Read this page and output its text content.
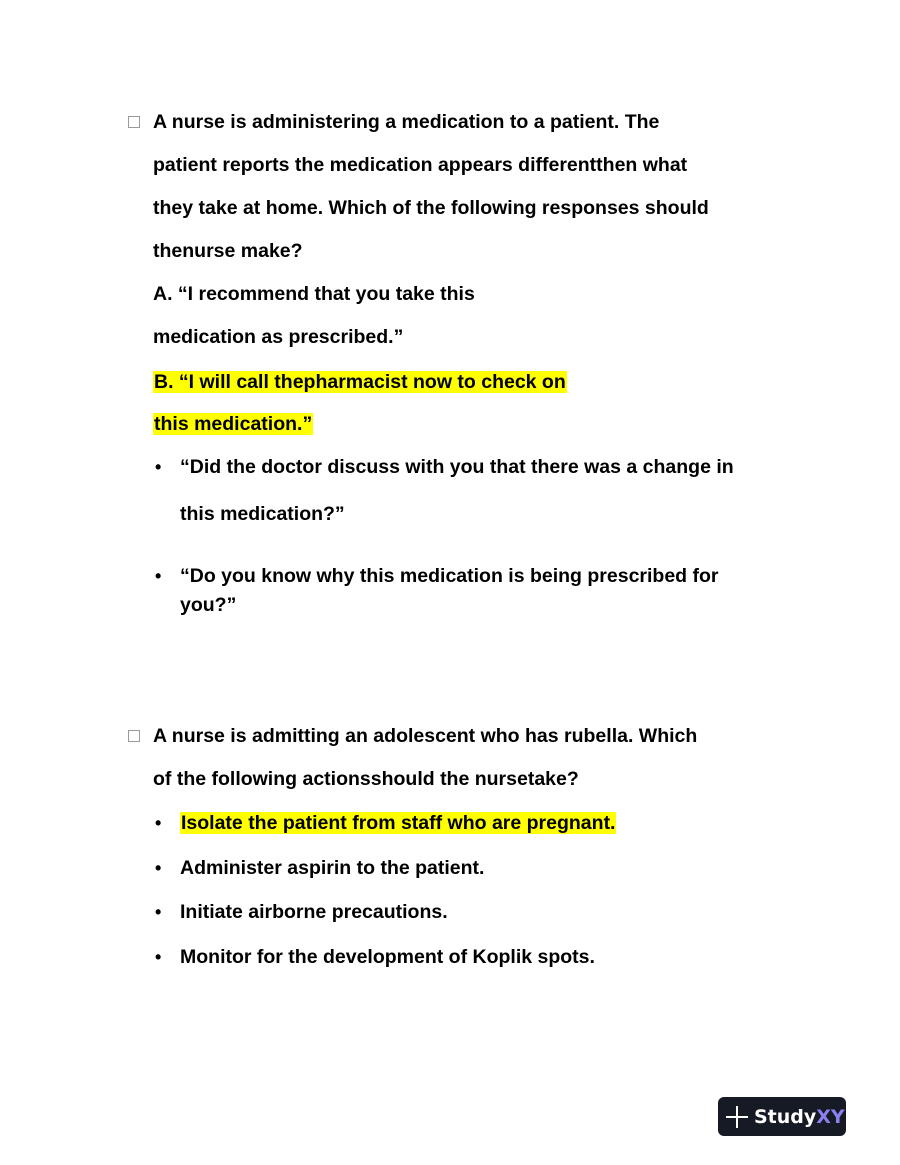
A nurse is administering a medication to a patient. The
patient reports the medication appears differentthen what
they take at home. Which of the following responses should
thenurse make?
A. “I recommend that you take this
medication as prescribed.”
B. “I will call thepharmacist now to check on
this medication.”
• “Did the doctor discuss with you that there was a change in
this medication?”
• “Do you know why this medication is being prescribed for
you?”
A nurse is admitting an adolescent who has rubella. Which
of the following actionsshould the nursetake?
• Isolate the patient from staff who are pregnant.
• Administer aspirin to the patient.
• Initiate airborne precautions.
• Monitor for the development of Koplik spots.
Study XY
